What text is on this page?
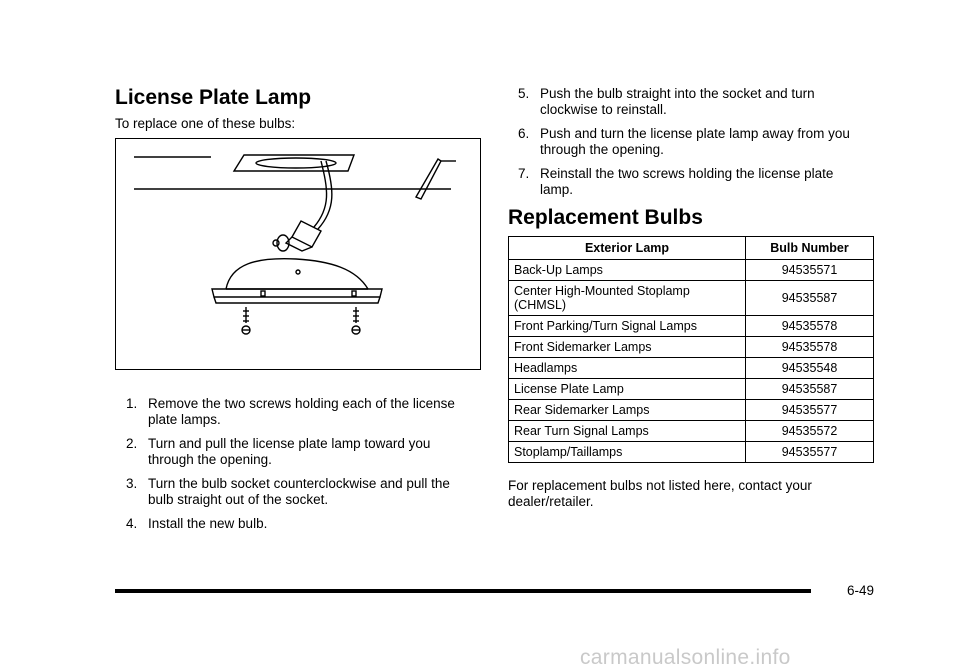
License Plate Lamp

To replace one of these bulbs:

1. Remove the two screws holding each of the license plate lamps.
2. Turn and pull the license plate lamp toward you through the opening.
3. Turn the bulb socket counterclockwise and pull the bulb straight out of the socket.
4. Install the new bulb.
5. Push the bulb straight into the socket and turn clockwise to reinstall.
6. Push and turn the license plate lamp away from you through the opening.
7. Reinstall the two screws holding the license plate lamp.
Replacement Bulbs
Exterior Lamp	Bulb Number
Back-Up Lamps	94535571
Center High-Mounted Stoplamp (CHMSL)	94535587
Front Parking/Turn Signal Lamps	94535578
Front Sidemarker Lamps	94535578
Headlamps	94535548
License Plate Lamp	94535587
Rear Sidemarker Lamps	94535577
Rear Turn Signal Lamps	94535572
Stoplamp/Taillamps	94535577

For replacement bulbs not listed here, contact your dealer/retailer.

6-49
carmanualsonline.info
